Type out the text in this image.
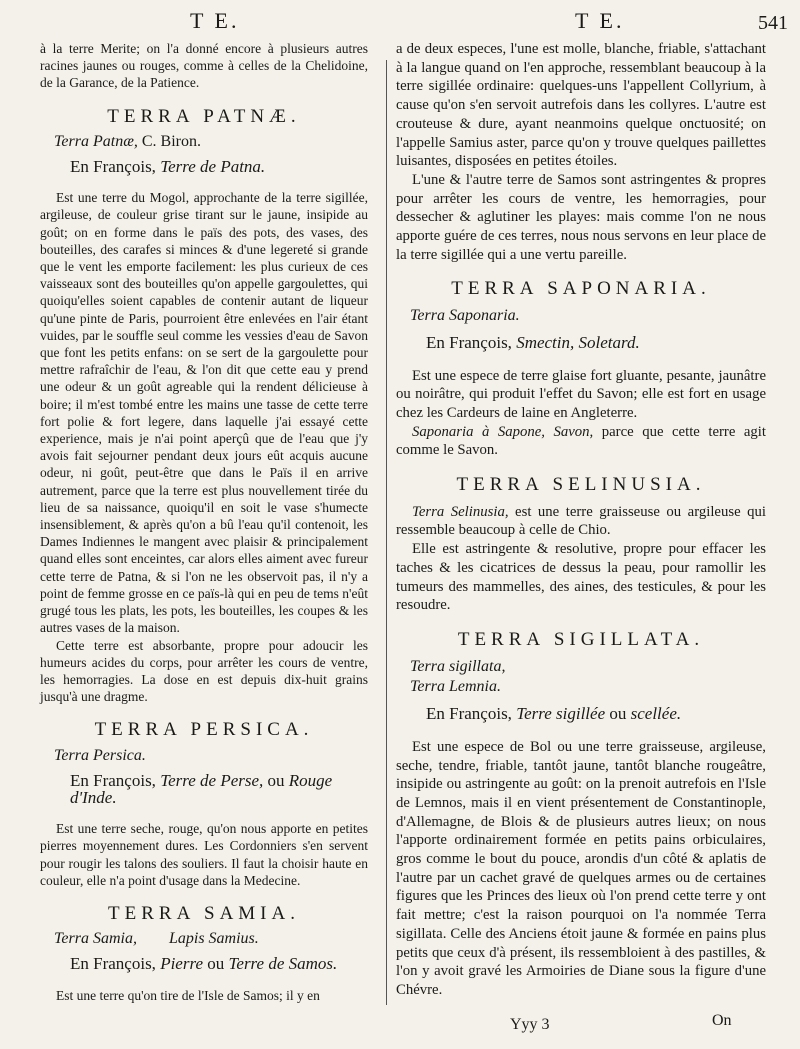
T E.	T E.	541

à la terre Merite; on l'a donné encore à plusieurs autres racines jaunes ou rouges, comme à celles de la Chelidoine, de la Garance, de la Patience.

TERRA PATNÆ.
Terra Patnæ, C. Biron.
En François, Terre de Patna.

Est une terre du Mogol, approchante de la terre sigillée, argileuse, de couleur grise tirant sur le jaune, insipide au goût; on en forme dans le païs des pots, des vases, des bouteilles, des carafes si minces & d'une legereté si grande que le vent les emporte facilement: les plus curieux de ces vaisseaux sont des bouteilles qu'on appelle gargoulettes, qui quoiqu'elles soient capables de contenir autant de liqueur qu'une pinte de Paris, pourroient être enlevées en l'air étant vuides, par le souffle seul comme les vessies d'eau de Savon que font les petits enfans: on se sert de la gargoulette pour mettre rafraîchir de l'eau, & l'on dit que cette eau y prend une odeur & un goût agreable qui la rendent délicieuse à boire; il m'est tombé entre les mains une tasse de cette terre fort polie & fort legere, dans laquelle j'ai essayé cette experience, mais je n'ai point aperçû que de l'eau que j'y avois fait sejourner pendant deux jours eût acquis aucune odeur, ni goût, peut-être que dans le Païs il en arrive autrement, parce que la terre est plus nouvellement tirée du lieu de sa naissance, quoiqu'il en soit le vase s'humecte insensiblement, & après qu'on a bû l'eau qu'il contenoit, les Dames Indiennes le mangent avec plaisir & principalement quand elles sont enceintes, car alors elles aiment avec fureur cette terre de Patna, & si l'on ne les observoit pas, il n'y a point de femme grosse en ce païs-là qui en peu de tems n'eût grugé tous les plats, les pots, les bouteilles, les coupes & les autres vases de la maison.

Cette terre est absorbante, propre pour adoucir les humeurs acides du corps, pour arrêter les cours de ventre, les hemorragies. La dose en est depuis dix-huit grains jusqu'à une dragme.

TERRA PERSICA.
Terra Persica.
En François, Terre de Perse, ou Rouge d'Inde.

Est une terre seche, rouge, qu'on nous apporte en petites pierres moyennement dures. Les Cordonniers s'en servent pour rougir les talons des souliers. Il faut la choisir haute en couleur, elle n'a point d'usage dans la Medecine.

TERRA SAMIA.
Terra Samia, Lapis Samius.
En François, Pierre ou Terre de Samos.

Est une terre qu'on tire de l'Isle de Samos; il y en

a de deux especes, l'une est molle, blanche, friable, s'attachant à la langue quand on l'en approche, ressemblant beaucoup à la terre sigillée ordinaire: quelques-uns l'appellent Collyrium, à cause qu'on s'en servoit autrefois dans les collyres. L'autre est crouteuse & dure, ayant neanmoins quelque onctuosité; on l'appelle Samius aster, parce qu'on y trouve quelques paillettes luisantes, disposées en petites étoiles.

L'une & l'autre terre de Samos sont astringentes & propres pour arrêter les cours de ventre, les hemorragies, pour dessecher & aglutiner les playes: mais comme l'on ne nous apporte guére de ces terres, nous nous servons en leur place de la terre sigillée qui a une vertu pareille.

TERRA SAPONARIA.
Terra Saponaria.
En François, Smectin, Soletard.

Est une espece de terre glaise fort gluante, pesante, jaunâtre ou noirâtre, qui produit l'effet du Savon; elle est fort en usage chez les Cardeurs de laine en Angleterre.

Saponaria à Sapone, Savon, parce que cette terre agit comme le Savon.

TERRA SELINUSIA.

Terra Selinusia, est une terre graisseuse ou argileuse qui ressemble beaucoup à celle de Chio.

Elle est astringente & resolutive, propre pour effacer les taches & les cicatrices de dessus la peau, pour ramollir les tumeurs des mammelles, des aines, des testicules, & pour les resoudre.

TERRA SIGILLATA.
Terra sigillata,
Terra Lemnia.
En François, Terre sigillée ou scellée.

Est une espece de Bol ou une terre graisseuse, argileuse, seche, tendre, friable, tantôt jaune, tantôt blanche rougeâtre, insipide ou astringente au goût: on la prenoit autrefois en l'Isle de Lemnos, mais il en vient présentement de Constantinople, d'Allemagne, de Blois & de plusieurs autres lieux; on nous l'apporte ordinairement formée en petits pains orbiculaires, gros comme le bout du pouce, arondis d'un côté & aplatis de l'autre par un cachet gravé de quelques armes ou de certaines figures que les Princes des lieux où l'on prend cette terre y ont fait mettre; c'est la raison pourquoi on l'a nommée Terra sigillata. Celle des Anciens étoit jaune & formée en pains plus petits que ceux d'à présent, ils ressembloient à des pastilles, & l'on y avoit gravé les Armoiries de Diane sous la figure d'une Chévre.

Yyy 3	On
